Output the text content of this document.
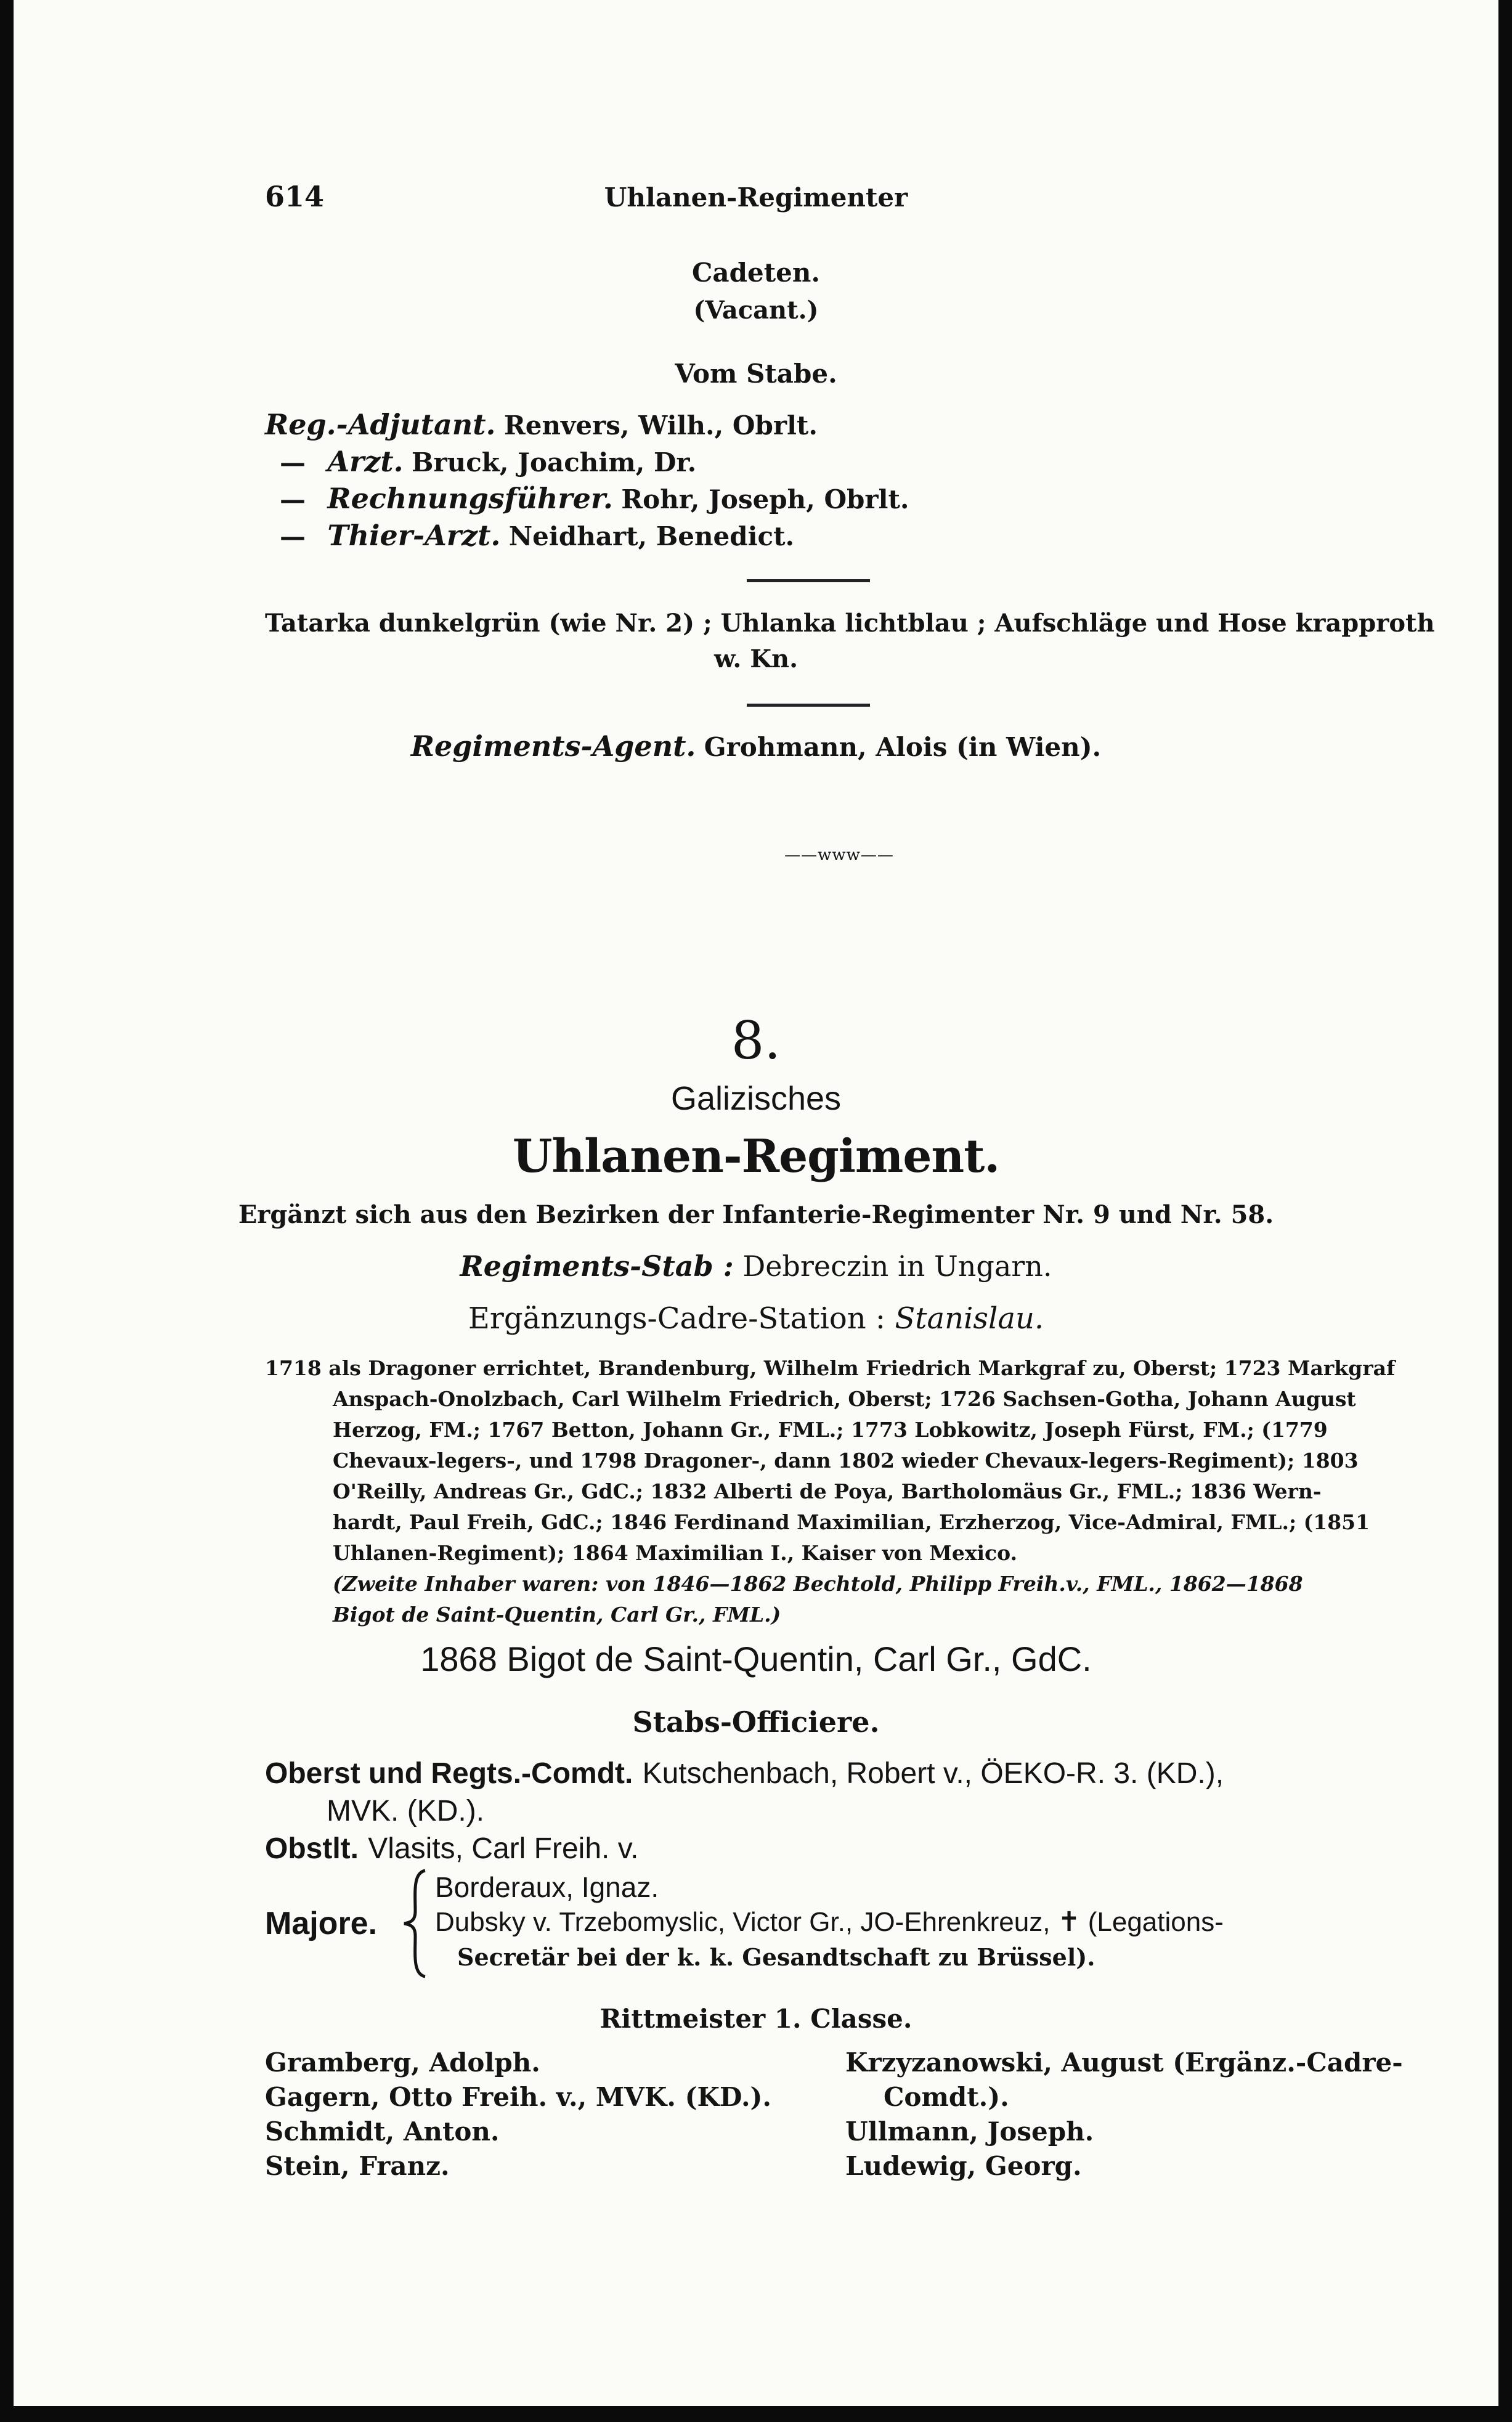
614	Uhlanen-Regimenter
Cadeten.
(Vacant.)
Vom Stabe.
Reg.-Adjutant. Renvers, Wilh., Obrlt.
— Arzt. Bruck, Joachim, Dr.
— Rechnungsführer. Rohr, Joseph, Obrlt.
— Thier-Arzt. Neidhart, Benedict.
Tatarka dunkelgrün (wie Nr. 2) ; Uhlanka lichtblau ; Aufschläge und Hose krapproth
w. Kn.
Regiments-Agent. Grohmann, Alois (in Wien).
——ᴡᴡᴡ——
8.
Galizisches
Uhlanen-Regiment.
Ergänzt sich aus den Bezirken der Infanterie-Regimenter Nr. 9 und Nr. 58.
Regiments-Stab : Debreczin in Ungarn.
Ergänzungs-Cadre-Station : Stanislau.
1718 als Dragoner errichtet, Brandenburg, Wilhelm Friedrich Markgraf zu, Oberst; 1723 Markgraf
Anspach-Onolzbach, Carl Wilhelm Friedrich, Oberst; 1726 Sachsen-Gotha, Johann August
Herzog, FM.; 1767 Betton, Johann Gr., FML.; 1773 Lobkowitz, Joseph Fürst, FM.; (1779
Chevaux-legers-, und 1798 Dragoner-, dann 1802 wieder Chevaux-legers-Regiment); 1803
O'Reilly, Andreas Gr., GdC.; 1832 Alberti de Poya, Bartholomäus Gr., FML.; 1836 Wern-
hardt, Paul Freih, GdC.; 1846 Ferdinand Maximilian, Erzherzog, Vice-Admiral, FML.; (1851
Uhlanen-Regiment); 1864 Maximilian I., Kaiser von Mexico.
(Zweite Inhaber waren: von 1846—1862 Bechtold, Philipp Freih.v., FML., 1862—1868
Bigot de Saint-Quentin, Carl Gr., FML.)
1868 Bigot de Saint-Quentin, Carl Gr., GdC.
Stabs-Officiere.
Oberst und Regts.-Comdt. Kutschenbach, Robert v., ÖEKO-R. 3. (KD.),
MVK. (KD.).
Obstlt. Vlasits, Carl Freih. v.
Majore.
Borderaux, Ignaz.
Dubsky v. Trzebomyslic, Victor Gr., JO-Ehrenkreuz, ✝ (Legations-
Secretär bei der k. k. Gesandtschaft zu Brüssel).
Rittmeister 1. Classe.
Gramberg, Adolph.
Gagern, Otto Freih. v., MVK. (KD.).
Schmidt, Anton.
Stein, Franz.
Krzyzanowski, August (Ergänz.-Cadre-
Comdt.).
Ullmann, Joseph.
Ludewig, Georg.
